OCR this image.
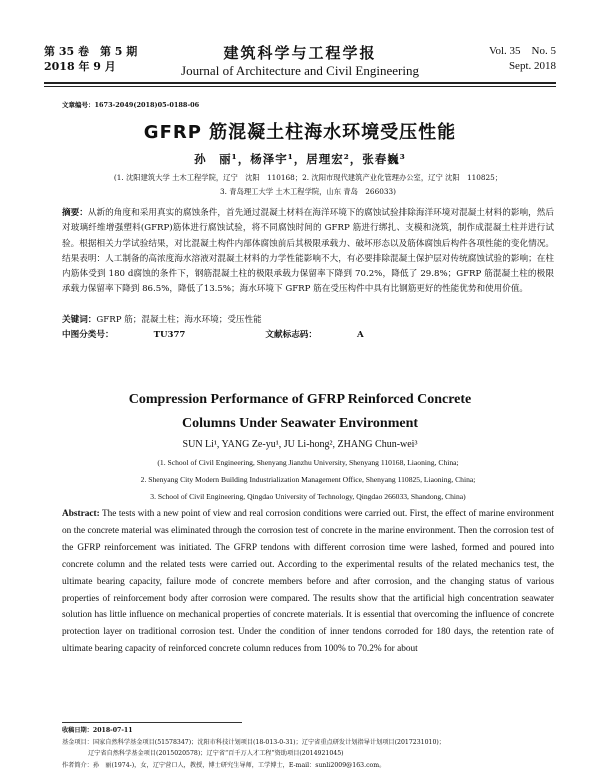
第 35 卷　第 5 期
2018 年 9 月
建筑科学与工程学报
Journal of Architecture and Civil Engineering
Vol. 35　No. 5
Sept. 2018
文章编号：1673-2049(2018)05-0188-06
GFRP 筋混凝土柱海水环境受压性能
孙　丽¹，杨泽宇¹，居理宏²，张春巍³
(1. 沈阳建筑大学 土木工程学院，辽宁　沈阳　110168；2. 沈阳市现代建筑产业化管理办公室，辽宁 沈阳　110825；
3. 青岛理工大学 土木工程学院，山东 青岛　266033)
摘要：从新的角度和采用真实的腐蚀条件，首先通过混凝土材料在海洋环境下的腐蚀试验排除海洋环境对混凝土材料的影响，然后对玻璃纤维增强塑料(GFRP)筋体进行腐蚀试验，将不同腐蚀时间的 GFRP 筋进行绑扎、支模和浇筑，制作成混凝土柱并进行试验。根据相关力学试验结果，对比混凝土构件内部体腐蚀前后其极限承载力、破坏形态以及筋体腐蚀后构件各项性能的变化情况。结果表明：人工制备的高浓度海水溶液对混凝土材料的力学性能影响不大，有必要排除混凝土保护层对传统腐蚀试验的影响；在柱内筋体受到 180 d腐蚀的条件下，钢筋混凝土柱的极限承载力保留率下降到 70.2%，降低了 29.8%；GFRP 筋混凝土柱的极限承载力保留率下降到 86.5%，降低了13.5%；海水环境下 GFRP 筋在受压构件中具有比钢筋更好的性能优势和使用价值。
关键词：GFRP 筋；混凝土柱；海水环境；受压性能
中图分类号：	TU377	文献标志码：	A
Compression Performance of GFRP Reinforced Concrete
Columns Under Seawater Environment
SUN Li¹, YANG Ze-yu¹, JU Li-hong², ZHANG Chun-wei³
(1. School of Civil Engineering, Shenyang Jianzhu University, Shenyang 110168, Liaoning, China;
2. Shenyang City Modern Building Industrialization Management Office, Shenyang 110825, Liaoning, China;
3. School of Civil Engineering, Qingdao University of Technology, Qingdao 266033, Shandong, China)
Abstract: The tests with a new point of view and real corrosion conditions were carried out. First, the effect of marine environment on the concrete material was eliminated through the corrosion test of concrete in the marine environment. Then the corrosion test of the GFRP reinforcement was initiated. The GFRP tendons with different corrosion time were lashed, formed and poured into concrete column and the related tests were carried out. According to the experimental results of the related mechanics test, the ultimate bearing capacity, failure mode of concrete members before and after corrosion, and the changing status of various properties of reinforcement body after corrosion were compared. The results show that the artificial high concentration seawater solution has little influence on mechanical properties of concrete materials. It is essential that overcoming the influence of concrete protection layer on traditional corrosion test. Under the condition of inner tendons corroded for 180 days, the retention rate of ultimate bearing capacity of reinforced concrete column reduces from 100% to 70.2% for about
收稿日期：2018-07-11
基金项目：国家自然科学基金项目(51578347)；沈阳市科技计划项目(18-013-0-31)；辽宁省重点研发计划指导计划项目(2017231010)；
辽宁省自然科学基金项目(2015020578)；辽宁省“百千万人才工程”资助项目(2014921045)
作者简介：孙　丽(1974-)，女，辽宁营口人，教授，博士研究生导师，工学博士，E-mail：sunli2009@163.com。
